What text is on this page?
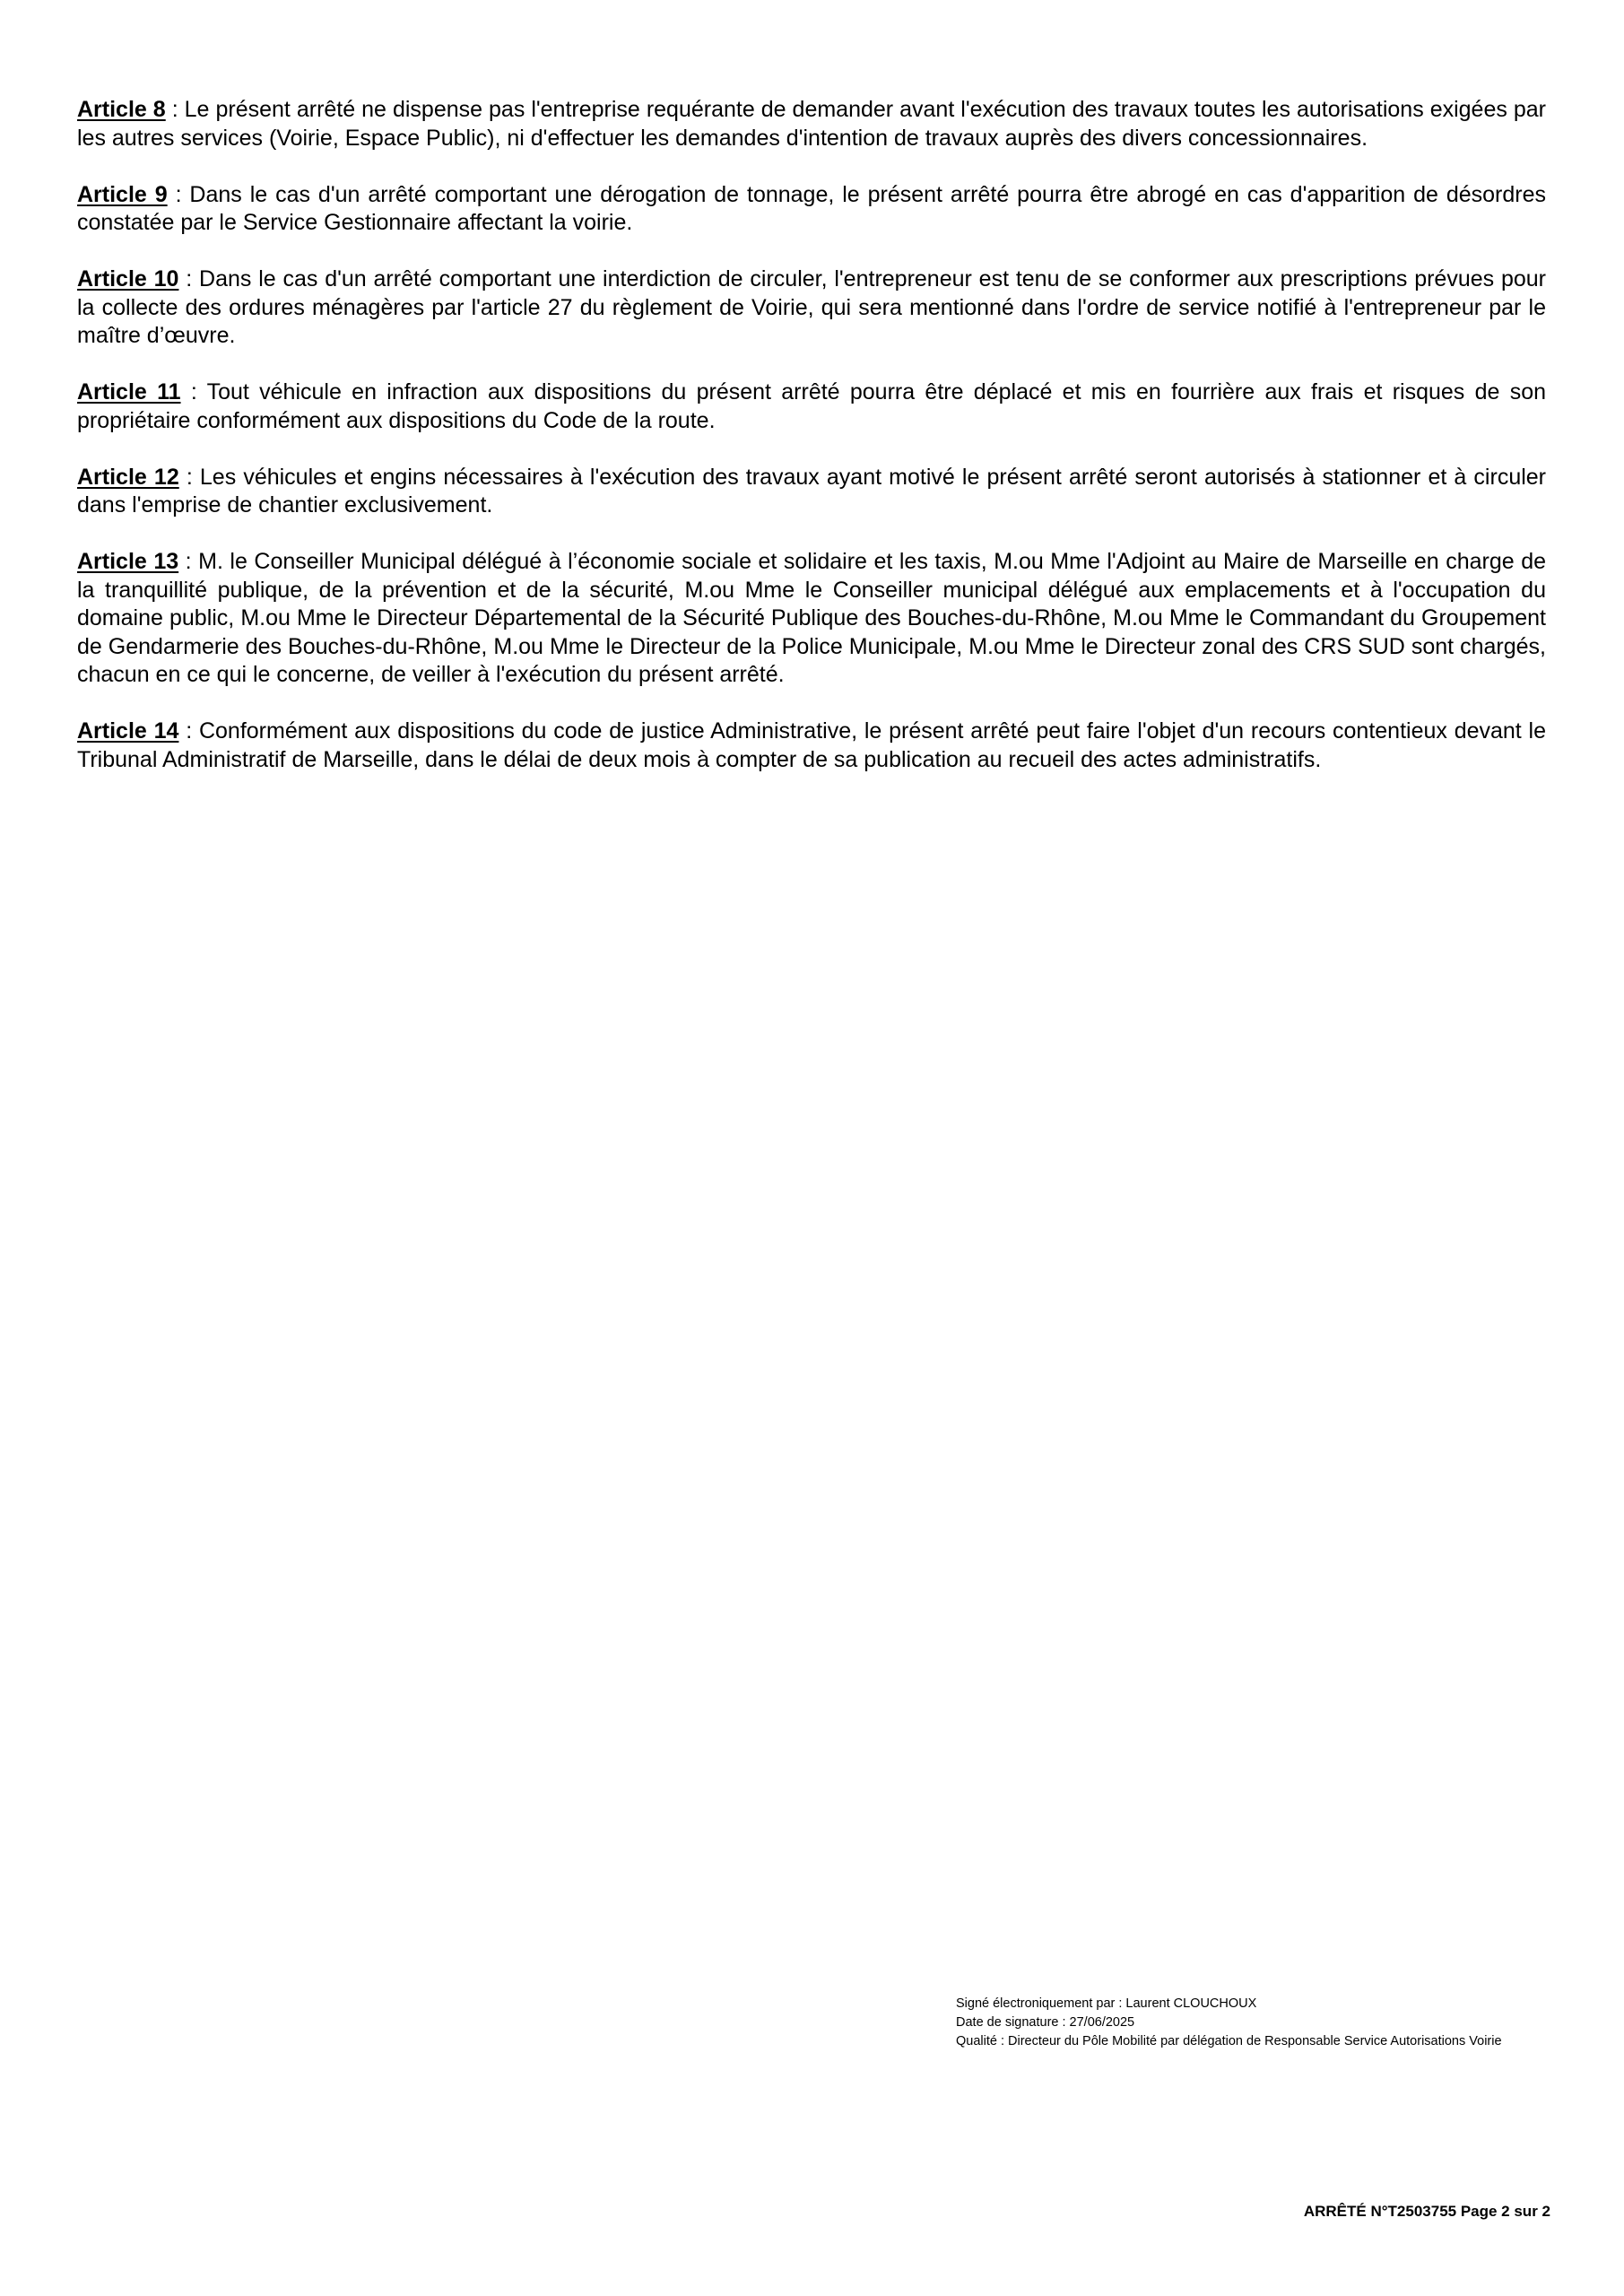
Article 8 : Le présent arrêté ne dispense pas l'entreprise requérante de demander avant l'exécution des travaux toutes les autorisations exigées par les autres services (Voirie, Espace Public), ni d'effectuer les demandes d'intention de travaux auprès des divers concessionnaires.

Article 9 : Dans le cas d'un arrêté comportant une dérogation de tonnage, le présent arrêté pourra être abrogé en cas d'apparition de désordres constatée par le Service Gestionnaire affectant la voirie.

Article 10 : Dans le cas d'un arrêté comportant une interdiction de circuler, l'entrepreneur est tenu de se conformer aux prescriptions prévues pour la collecte des ordures ménagères par l'article 27 du règlement de Voirie, qui sera mentionné dans l'ordre de service notifié à l'entrepreneur par le maître d’œuvre.

Article 11 : Tout véhicule en infraction aux dispositions du présent arrêté pourra être déplacé et mis en fourrière aux frais et risques de son propriétaire conformément aux dispositions du Code de la route.

Article 12 : Les véhicules et engins nécessaires à l'exécution des travaux ayant motivé le présent arrêté seront autorisés à stationner et à circuler dans l'emprise de chantier exclusivement.

Article 13 : M. le Conseiller Municipal délégué à l’économie sociale et solidaire et les taxis, M.ou Mme l'Adjoint au Maire de Marseille en charge de la tranquillité publique, de la prévention et de la sécurité, M.ou Mme le Conseiller municipal délégué aux emplacements et à l'occupation du domaine public, M.ou Mme le Directeur Départemental de la Sécurité Publique des Bouches-du-Rhône, M.ou Mme le Commandant du Groupement de Gendarmerie des Bouches-du-Rhône, M.ou Mme le Directeur de la Police Municipale, M.ou Mme le Directeur zonal des CRS SUD sont chargés, chacun en ce qui le concerne, de veiller à l'exécution du présent arrêté.

Article 14 : Conformément aux dispositions du code de justice Administrative, le présent arrêté peut faire l'objet d'un recours contentieux devant le Tribunal Administratif de Marseille, dans le délai de deux mois à compter de sa publication au recueil des actes administratifs.

Signé électroniquement par : Laurent CLOUCHOUX
Date de signature : 27/06/2025
Qualité : Directeur du Pôle Mobilité par délégation de Responsable Service Autorisations Voirie
ARRÊTÉ N°T2503755 Page 2 sur 2
